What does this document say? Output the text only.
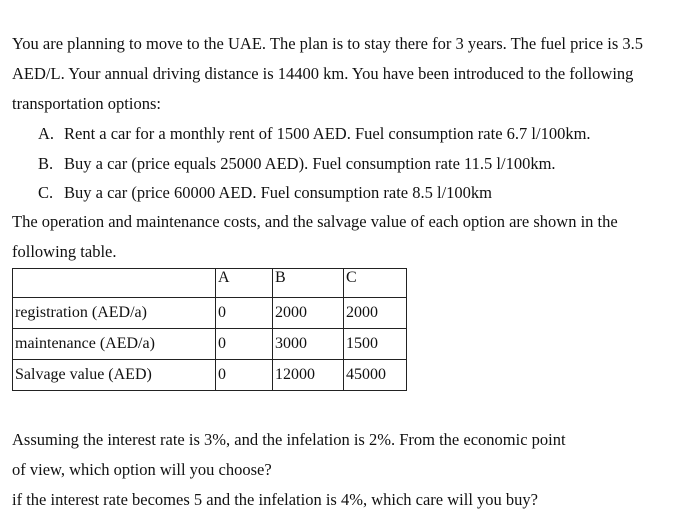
You are planning to move to the UAE. The plan is to stay there for 3 years. The fuel price is 3.5
AED/L. Your annual driving distance is 14400 km. You have been introduced to the following
transportation options:
A. Rent a car for a monthly rent of 1500 AED. Fuel consumption rate 6.7 l/100km.
B. Buy a car (price equals 25000 AED). Fuel consumption rate 11.5 l/100km.
C. Buy a car (price 60000 AED. Fuel consumption rate 8.5 l/100km
The operation and maintenance costs, and the salvage value of each option are shown in the
following table.
	A	B	C
registration (AED/a)	0	2000	2000
maintenance (AED/a)	0	3000	1500
Salvage value (AED)	0	12000	45000
Assuming the interest rate is 3%, and the infelation is 2%. From the economic point
of view, which option will you choose?
if the interest rate becomes 5 and the infelation is 4%, which care will you buy?
